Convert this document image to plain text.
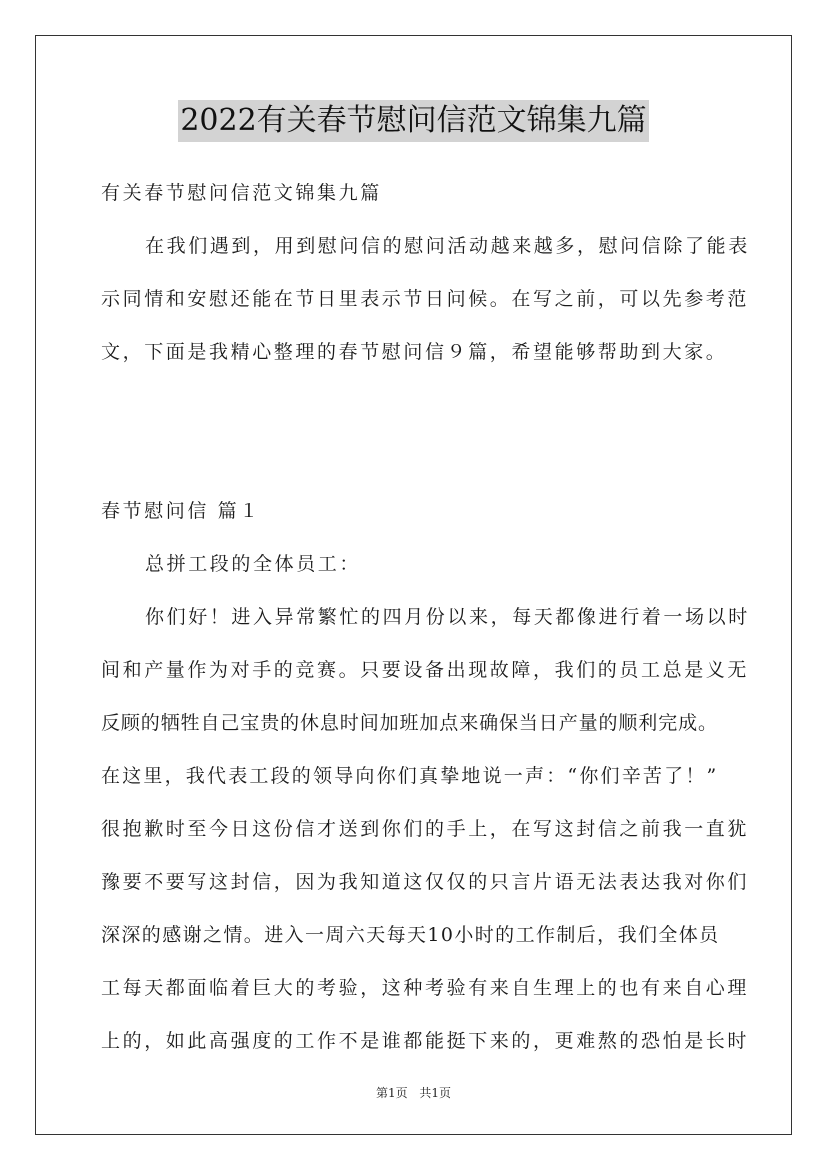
2022有关春节慰问信范文锦集九篇
有关春节慰问信范文锦集九篇
在我们遇到，用到慰问信的慰问活动越来越多，慰问信除了能表
示同情和安慰还能在节日里表示节日问候。在写之前，可以先参考范
文，下面是我精心整理的春节慰问信９篇，希望能够帮助到大家。
春节慰问信 篇１
总拼工段的全体员工：
你们好！进入异常繁忙的四月份以来，每天都像进行着一场以时
间和产量作为对手的竞赛。只要设备出现故障，我们的员工总是义无
反顾的牺牲自己宝贵的休息时间加班加点来确保当日产量的顺利完成。
在这里，我代表工段的领导向你们真挚地说一声：“你们辛苦了！”
很抱歉时至今日这份信才送到你们的手上，在写这封信之前我一直犹
豫要不要写这封信，因为我知道这仅仅的只言片语无法表达我对你们
深深的感谢之情。进入一周六天每天10小时的工作制后，我们全体员
工每天都面临着巨大的考验，这种考验有来自生理上的也有来自心理
上的，如此高强度的工作不是谁都能挺下来的，更难熬的恐怕是长时
第1页 共1页
